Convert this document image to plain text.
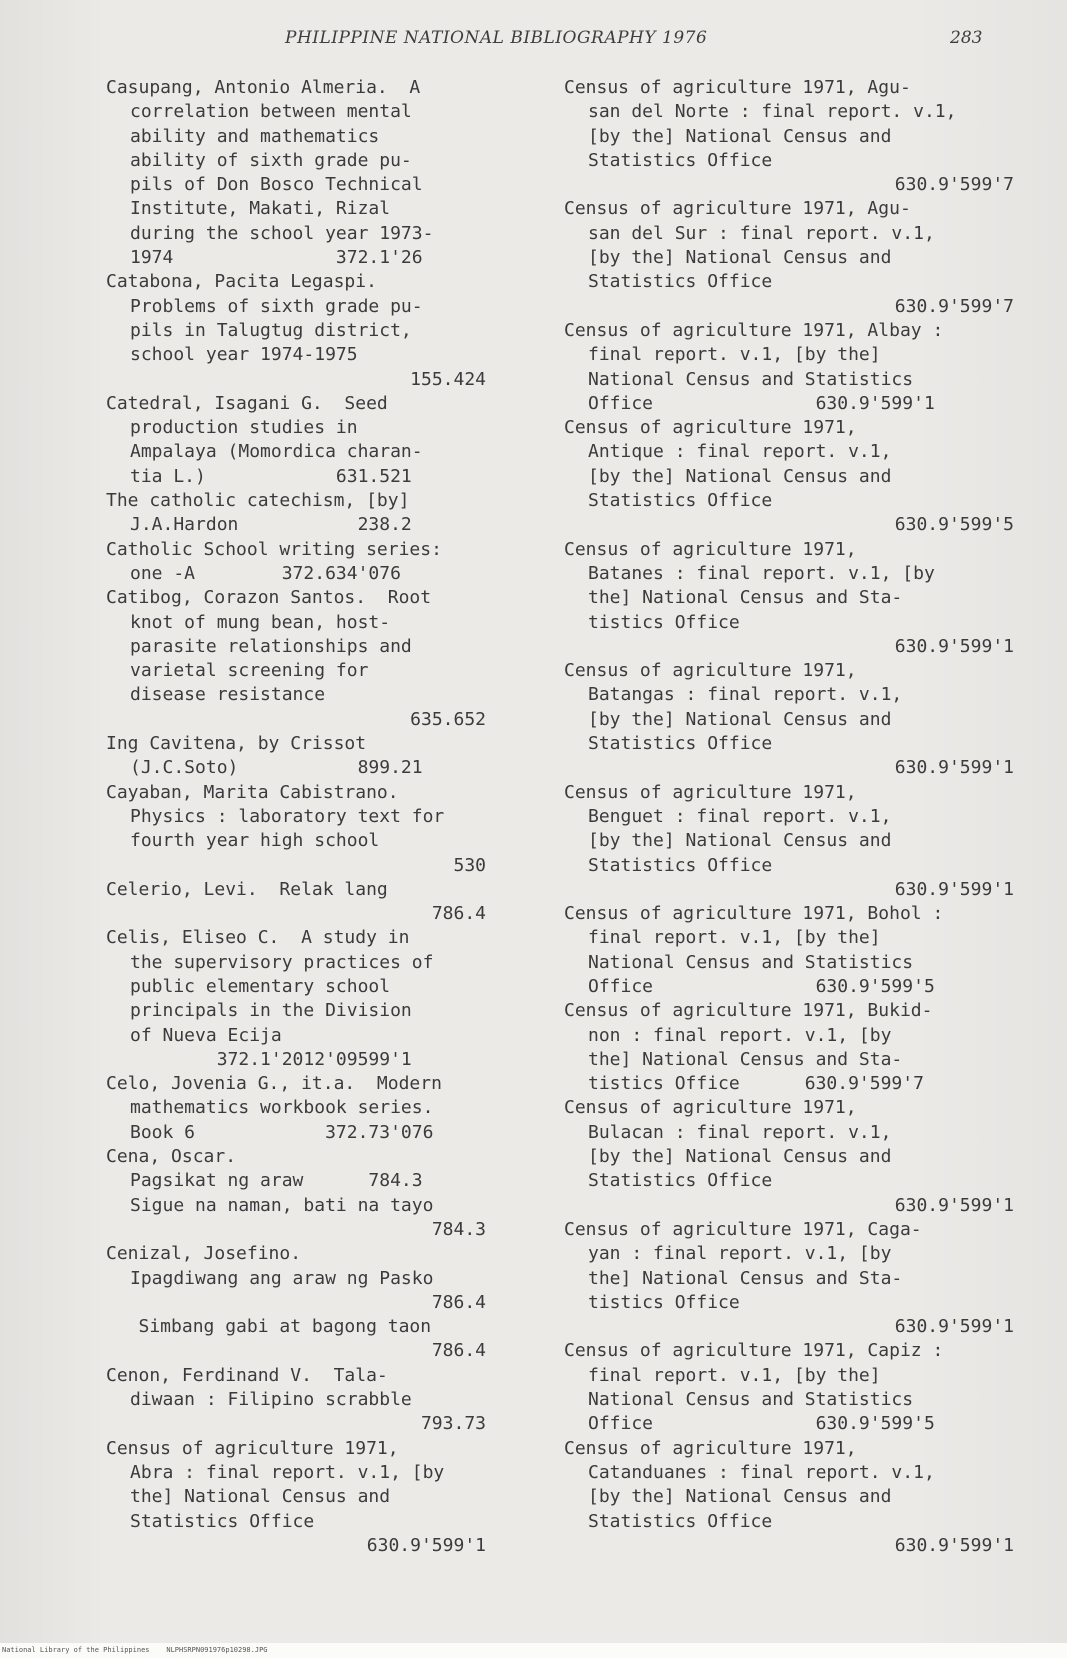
PHILIPPINE NATIONAL BIBLIOGRAPHY 1976	283
Casupang, Antonio Almeria.  A
correlation between mental
ability and mathematics
ability of sixth grade pu-
pils of Don Bosco Technical
Institute, Makati, Rizal
during the school year 1973-
1974               372.1'26
Catabona, Pacita Legaspi.
Problems of sixth grade pu-
pils in Talugtug district,
school year 1974-1975
155.424
Catedral, Isagani G.  Seed
production studies in
Ampalaya (Momordica charan-
tia L.)            631.521
The catholic catechism, [by]
J.A.Hardon           238.2
Catholic School writing series:
one -A        372.634'076
Catibog, Corazon Santos.  Root
knot of mung bean, host-
parasite relationships and
varietal screening for
disease resistance
635.652
Ing Cavitena, by Crissot
(J.C.Soto)           899.21
Cayaban, Marita Cabistrano.
Physics : laboratory text for
fourth year high school
530
Celerio, Levi.  Relak lang
786.4
Celis, Eliseo C.  A study in
the supervisory practices of
public elementary school
principals in the Division
of Nueva Ecija
372.1'2012'09599'1
Celo, Jovenia G., it.a.  Modern
mathematics workbook series.
Book 6            372.73'076
Cena, Oscar.
Pagsikat ng araw      784.3
Sigue na naman, bati na tayo
784.3
Cenizal, Josefino.
Ipagdiwang ang araw ng Pasko
786.4
Simbang gabi at bagong taon
786.4
Cenon, Ferdinand V.  Tala-
diwaan : Filipino scrabble
793.73
Census of agriculture 1971,
Abra : final report. v.1, [by
the] National Census and
Statistics Office
630.9'599'1
Census of agriculture 1971, Agu-
san del Norte : final report. v.1,
[by the] National Census and
Statistics Office
630.9'599'7
Census of agriculture 1971, Agu-
san del Sur : final report. v.1,
[by the] National Census and
Statistics Office
630.9'599'7
Census of agriculture 1971, Albay :
final report. v.1, [by the]
National Census and Statistics
Office               630.9'599'1
Census of agriculture 1971,
Antique : final report. v.1,
[by the] National Census and
Statistics Office
630.9'599'5
Census of agriculture 1971,
Batanes : final report. v.1, [by
the] National Census and Sta-
tistics Office
630.9'599'1
Census of agriculture 1971,
Batangas : final report. v.1,
[by the] National Census and
Statistics Office
630.9'599'1
Census of agriculture 1971,
Benguet : final report. v.1,
[by the] National Census and
Statistics Office
630.9'599'1
Census of agriculture 1971, Bohol :
final report. v.1, [by the]
National Census and Statistics
Office               630.9'599'5
Census of agriculture 1971, Bukid-
non : final report. v.1, [by
the] National Census and Sta-
tistics Office      630.9'599'7
Census of agriculture 1971,
Bulacan : final report. v.1,
[by the] National Census and
Statistics Office
630.9'599'1
Census of agriculture 1971, Caga-
yan : final report. v.1, [by
the] National Census and Sta-
tistics Office
630.9'599'1
Census of agriculture 1971, Capiz :
final report. v.1, [by the]
National Census and Statistics
Office               630.9'599'5
Census of agriculture 1971,
Catanduanes : final report. v.1,
[by the] National Census and
Statistics Office
630.9'599'1
National Library of the Philippines    NLPHSRPN091976p10298.JPG
